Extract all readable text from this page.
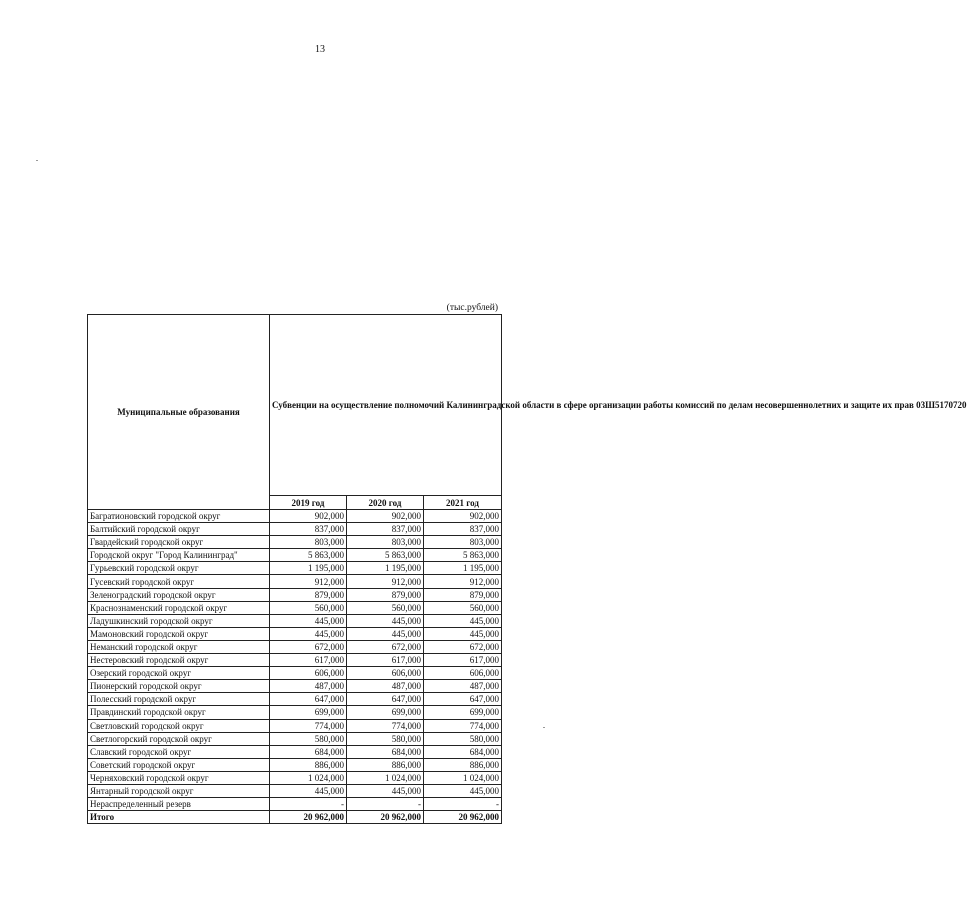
13
(тыс.рублей)
Муниципальные образования	Субвенции на осуществление полномочий Калининградской области в сфере организации работы комиссий по делам несовершеннолетних и защите их прав 03Ш5170720		
	2019 год	2020 год	2021 год
Багратионовский городской округ	902,000	902,000	902,000
Балтийский городской округ	837,000	837,000	837,000
Гвардейский городской округ	803,000	803,000	803,000
Городской округ "Город Калининград"	5 863,000	5 863,000	5 863,000
Гурьевский городской округ	1 195,000	1 195,000	1 195,000
Гусевский городской округ	912,000	912,000	912,000
Зеленоградский городской округ	879,000	879,000	879,000
Краснознаменский городской округ	560,000	560,000	560,000
Ладушкинский городской округ	445,000	445,000	445,000
Мамоновский городской округ	445,000	445,000	445,000
Неманский городской округ	672,000	672,000	672,000
Нестеровский городской округ	617,000	617,000	617,000
Озерский городской округ	606,000	606,000	606,000
Пионерский городской округ	487,000	487,000	487,000
Полесский городской округ	647,000	647,000	647,000
Правдинский городской округ	699,000	699,000	699,000
Светловский городской округ	774,000	774,000	774,000
Светлогорский городской округ	580,000	580,000	580,000
Славский городской округ	684,000	684,000	684,000
Советский городской округ	886,000	886,000	886,000
Черняховский городской округ	1 024,000	1 024,000	1 024,000
Янтарный городской округ	445,000	445,000	445,000
Нераспределенный резерв	-	-	-
Итого	20 962,000	20 962,000	20 962,000
